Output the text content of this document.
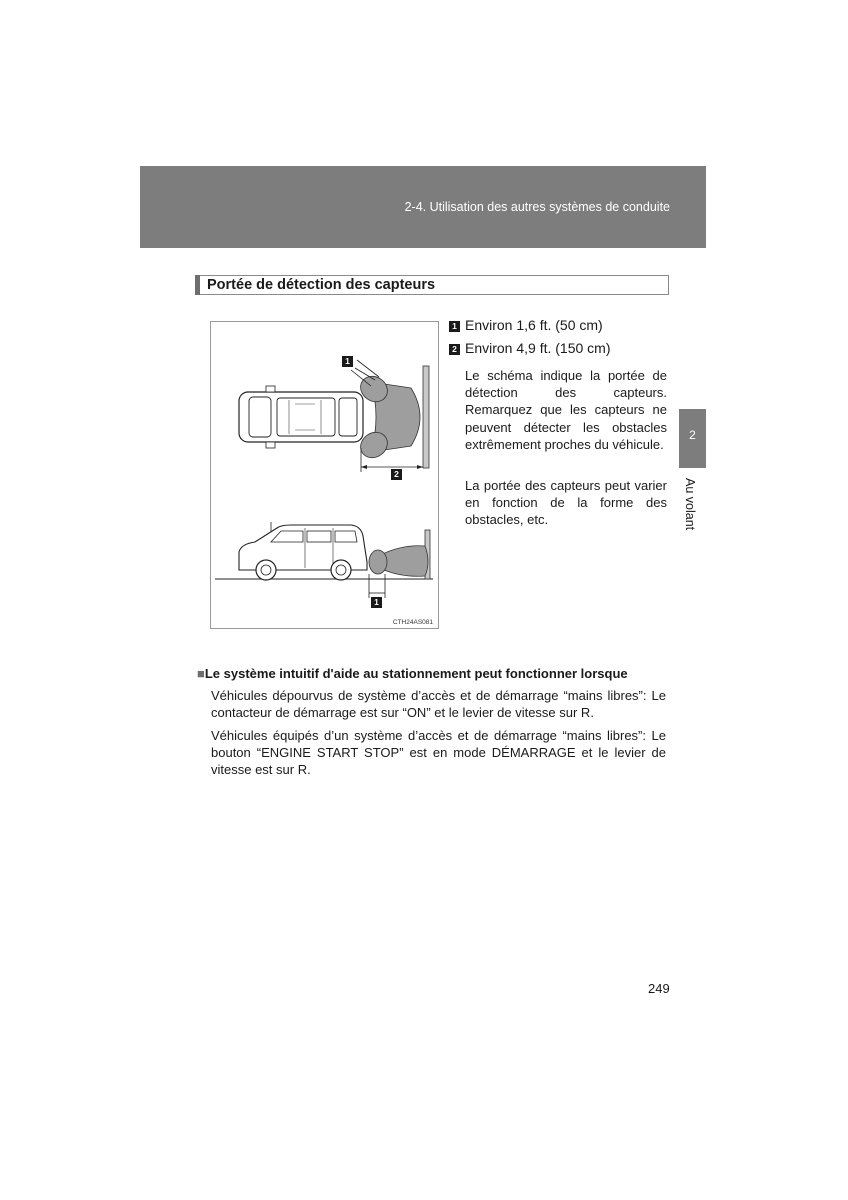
2-4. Utilisation des autres systèmes de conduite
2
Au volant
Portée de détection des capteurs
1
2
1
CTH24AS081
1 Environ 1,6 ft. (50 cm)
2 Environ 4,9 ft. (150 cm)
Le schéma indique la portée de détection des capteurs. Remarquez que les capteurs ne peuvent détecter les obstacles extrêmement proches du véhicule.
La portée des capteurs peut varier en fonction de la forme des obstacles, etc.
■Le système intuitif d'aide au stationnement peut fonctionner lorsque
Véhicules dépourvus de système d’accès et de démarrage “mains libres”: Le contacteur de démarrage est sur “ON” et le levier de vitesse sur R.
Véhicules équipés d’un système d’accès et de démarrage “mains libres”: Le bouton “ENGINE START STOP” est en mode DÉMARRAGE et le levier de vitesse est sur R.
249
